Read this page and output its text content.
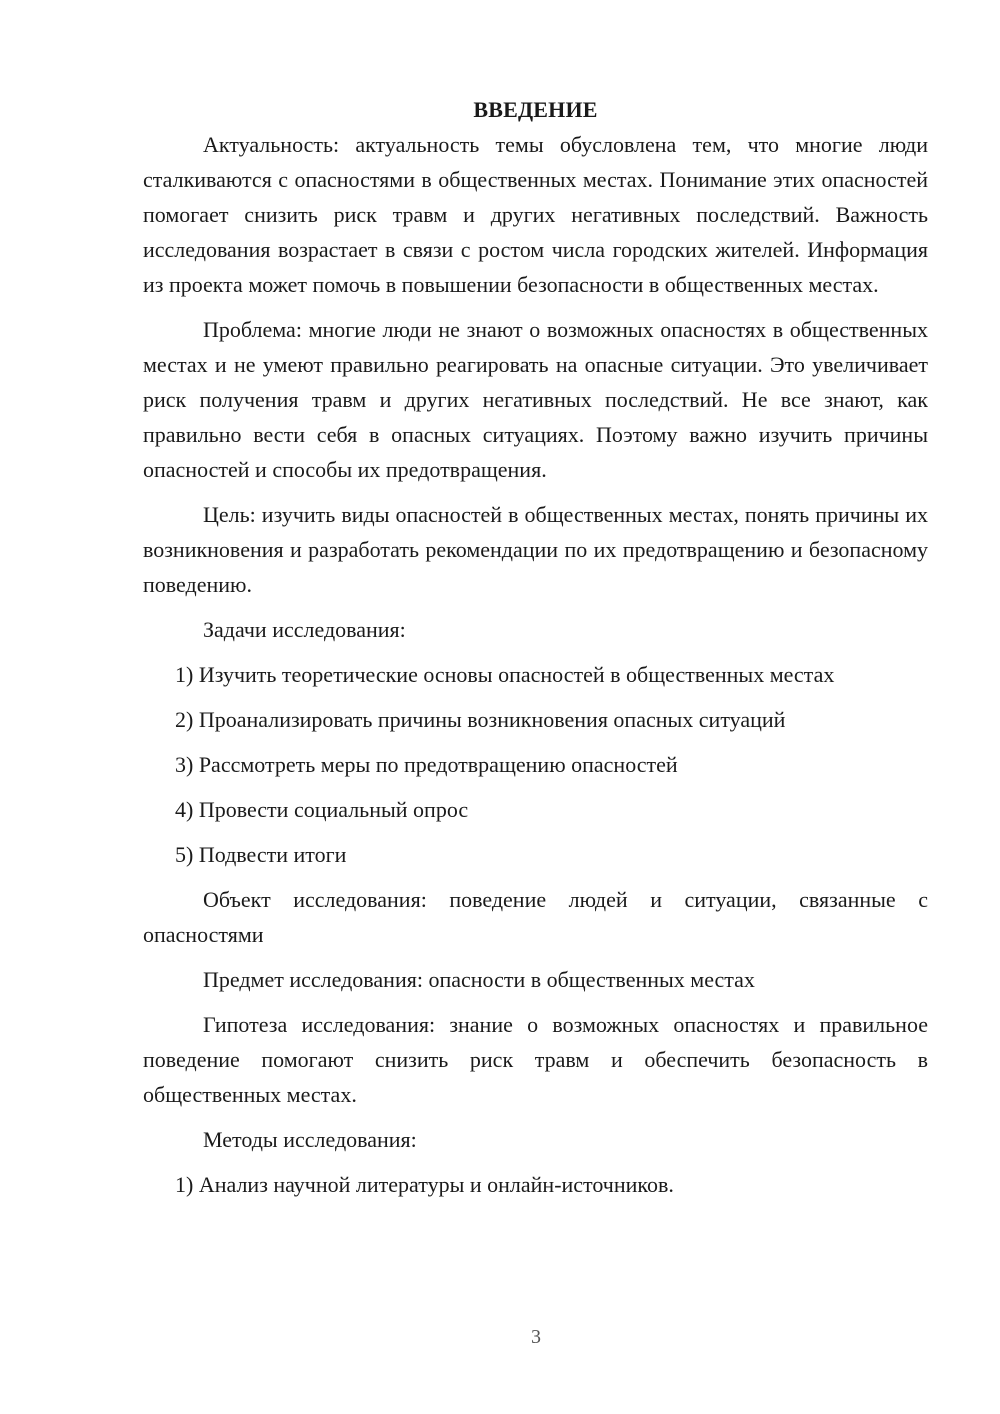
ВВЕДЕНИЕ

Актуальность: актуальность темы обусловлена тем, что многие люди сталкиваются с опасностями в общественных местах. Понимание этих опасностей помогает снизить риск травм и других негативных последствий. Важность исследования возрастает в связи с ростом числа городских жителей. Информация из проекта может помочь в повышении безопасности в общественных местах.

Проблема: многие люди не знают о возможных опасностях в общественных местах и не умеют правильно реагировать на опасные ситуации. Это увеличивает риск получения травм и других негативных последствий. Не все знают, как правильно вести себя в опасных ситуациях. Поэтому важно изучить причины опасностей и способы их предотвращения.

Цель: изучить виды опасностей в общественных местах, понять причины их возникновения и разработать рекомендации по их предотвращению и безопасному поведению.

Задачи исследования:

1) Изучить теоретические основы опасностей в общественных местах

2) Проанализировать причины возникновения опасных ситуаций

3) Рассмотреть меры по предотвращению опасностей

4) Провести социальный опрос

5) Подвести итоги

Объект исследования: поведение людей и ситуации, связанные с опасностями

Предмет исследования: опасности в общественных местах

Гипотеза исследования: знание о возможных опасностях и правильное поведение помогают снизить риск травм и обеспечить безопасность в общественных местах.

Методы исследования:

1) Анализ научной литературы и онлайн-источников.

3
